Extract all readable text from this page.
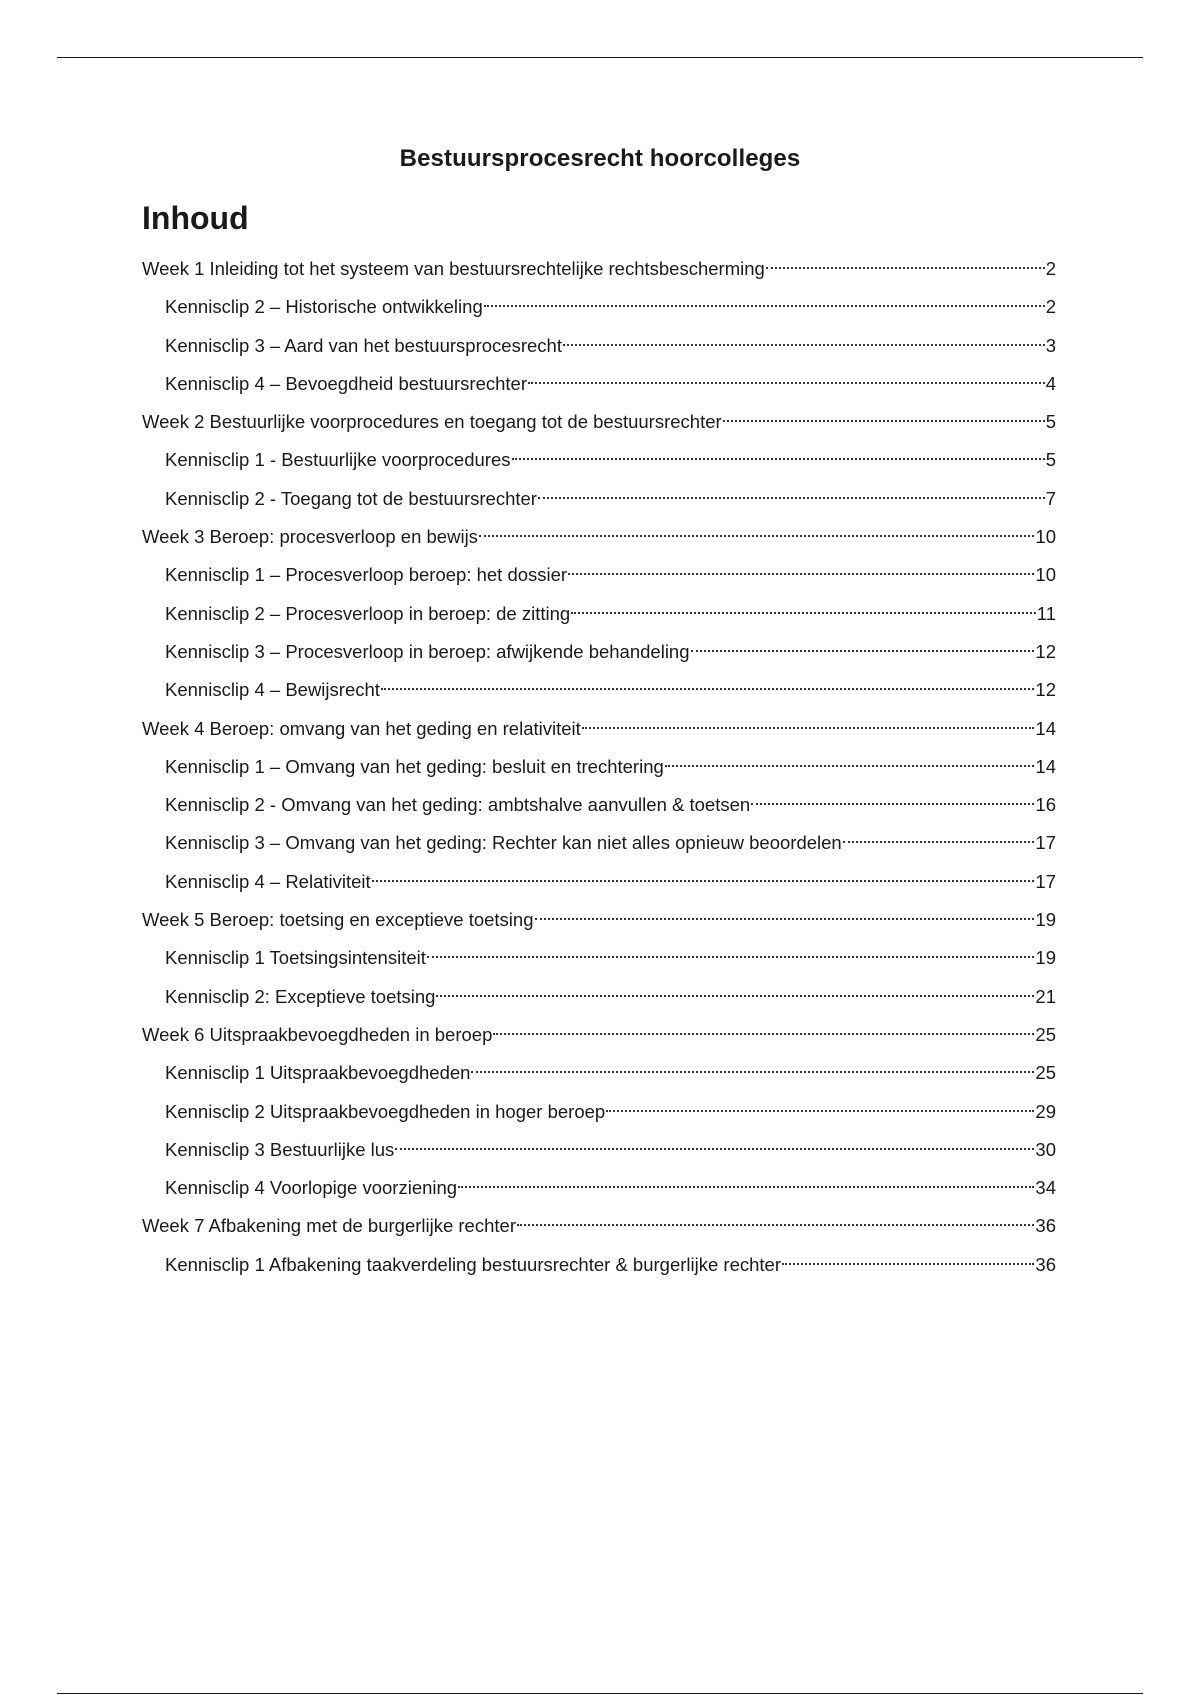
Bestuursprocesrecht hoorcolleges
Inhoud
Week 1 Inleiding tot het systeem van bestuursrechtelijke rechtsbescherming	2
Kennisclip 2 – Historische ontwikkeling	2
Kennisclip 3 – Aard van het bestuursprocesrecht	3
Kennisclip 4 – Bevoegdheid bestuursrechter	4
Week 2 Bestuurlijke voorprocedures en toegang tot de bestuursrechter	5
Kennisclip 1 - Bestuurlijke voorprocedures	5
Kennisclip 2 - Toegang tot de bestuursrechter	7
Week 3 Beroep: procesverloop en bewijs	10
Kennisclip 1 – Procesverloop beroep: het dossier	10
Kennisclip 2 – Procesverloop in beroep: de zitting	11
Kennisclip 3 – Procesverloop in beroep: afwijkende behandeling	12
Kennisclip 4 – Bewijsrecht	12
Week 4 Beroep: omvang van het geding en relativiteit	14
Kennisclip 1 – Omvang van het geding: besluit en trechtering	14
Kennisclip 2 - Omvang van het geding: ambtshalve aanvullen & toetsen	16
Kennisclip 3 – Omvang van het geding: Rechter kan niet alles opnieuw beoordelen	17
Kennisclip 4 – Relativiteit	17
Week 5 Beroep: toetsing en exceptieve toetsing	19
Kennisclip 1 Toetsingsintensiteit	19
Kennisclip 2: Exceptieve toetsing	21
Week 6 Uitspraakbevoegdheden in beroep	25
Kennisclip 1 Uitspraakbevoegdheden	25
Kennisclip 2 Uitspraakbevoegdheden in hoger beroep	29
Kennisclip 3 Bestuurlijke lus	30
Kennisclip 4 Voorlopige voorziening	34
Week 7 Afbakening met de burgerlijke rechter	36
Kennisclip 1 Afbakening taakverdeling bestuursrechter & burgerlijke rechter	36
